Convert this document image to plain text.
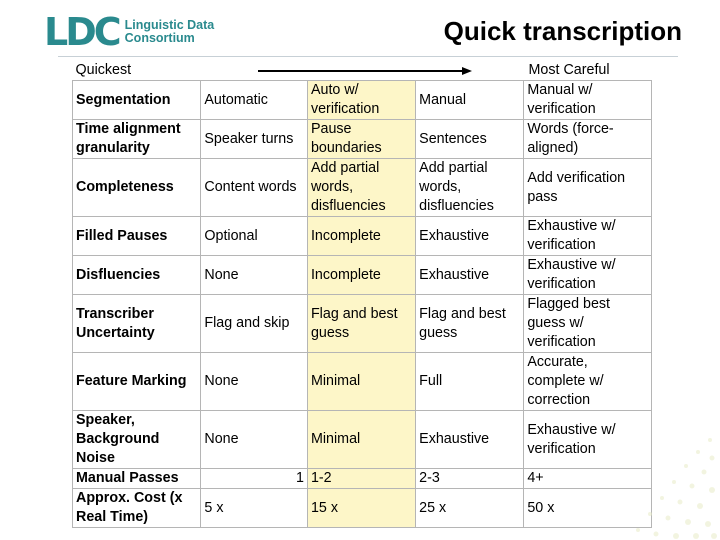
LDC Linguistic Data
Consortium	Quick transcription
Quickest Most Careful				

Segmentation	Automatic	Auto w/ verification	Manual	Manual w/ verification
Time alignment granularity	Speaker turns	Pause boundaries	Sentences	Words (force-aligned)
Completeness	Content words	Add partial words, disfluencies	Add partial words, disfluencies	Add verification pass
Filled Pauses	Optional	Incomplete	Exhaustive	Exhaustive w/ verification
Disfluencies	None	Incomplete	Exhaustive	Exhaustive w/ verification
Transcriber Uncertainty	Flag and skip	Flag and best guess	Flag and best guess	Flagged best guess w/ verification
Feature Marking	None	Minimal	Full	Accurate, complete w/ correction
Speaker, Background Noise	None	Minimal	Exhaustive	Exhaustive w/ verification
Manual Passes	1	1-2	2-3	4+
Approx. Cost (x Real Time)	5 x	15 x	25 x	50 x
